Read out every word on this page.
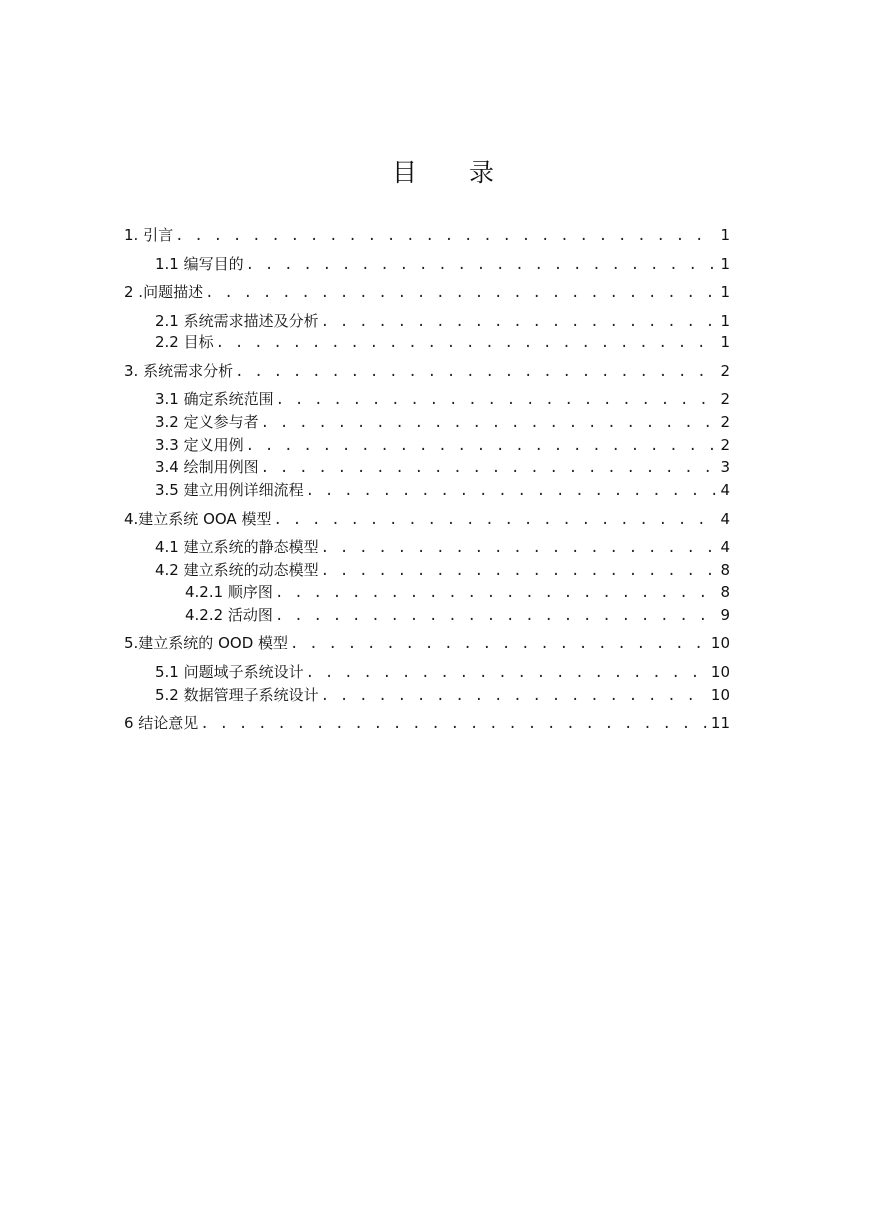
目 录
1. 引言 . . .	1
1.1 编写目的 . . .	1
2 .问题描述 . . .	1
2.1 系统需求描述及分析 . . .	1
2.2 目标 . . .	1
3. 系统需求分析 . . .	2
3.1 确定系统范围 . . .	2
3.2 定义参与者 . . .	2
3.3 定义用例 . . .	2
3.4 绘制用例图 . . .	3
3.5 建立用例详细流程 . . .	4
4.建立系统 OOA 模型 . . .	4
4.1 建立系统的静态模型 . . .	4
4.2 建立系统的动态模型 . . .	8
4.2.1 顺序图 . . .	8
4.2.2 活动图 . . .	9
5.建立系统的 OOD 模型 . . .	10
5.1 问题域子系统设计 . . .	10
5.2 数据管理子系统设计 . . .	10
6 结论意见 . . .	11
